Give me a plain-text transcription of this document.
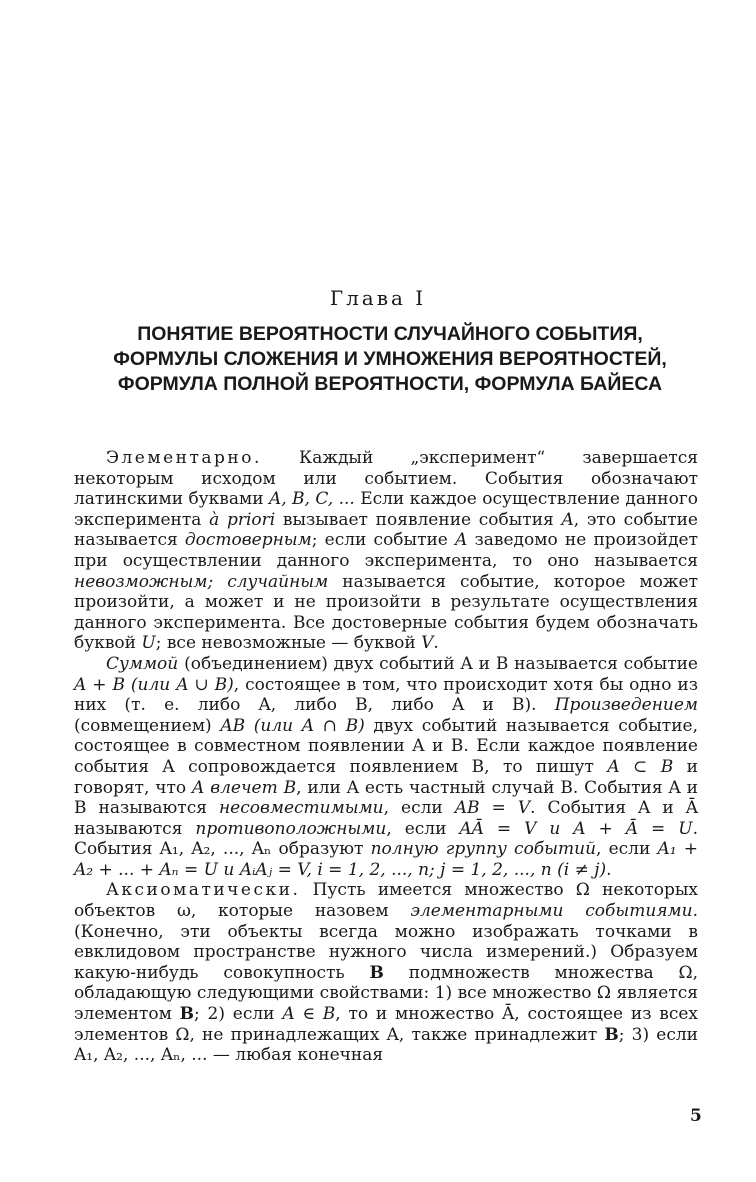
Глава I
ПОНЯТИЕ ВЕРОЯТНОСТИ СЛУЧАЙНОГО СОБЫТИЯ,
ФОРМУЛЫ СЛОЖЕНИЯ И УМНОЖЕНИЯ ВЕРОЯТНОСТЕЙ,
ФОРМУЛА ПОЛНОЙ ВЕРОЯТНОСТИ, ФОРМУЛА БАЙЕСА

Элементарно. Каждый „эксперимент“ завершается некоторым исходом или событием. События обозначают латинскими буквами A, B, C, ... Если каждое осуществление данного эксперимента à priori вызывает появление события A, это событие называется достоверным; если событие A заведомо не произойдет при осуществлении данного эксперимента, то оно называется невозможным; случайным называется событие, которое может произойти, а может и не произойти в результате осуществления данного эксперимента. Все достоверные события будем обозначать буквой U; все невозможные — буквой V.

Суммой (объединением) двух событий A и B называется событие A + B (или A ∪ B), состоящее в том, что происходит хотя бы одно из них (т. е. либо A, либо B, либо A и B). Произведением (совмещением) AB (или A ∩ B) двух событий называется событие, состоящее в совместном появлении A и B. Если каждое появление события A сопровождается появлением B, то пишут A ⊂ B и говорят, что A влечет B, или A есть частный случай B. События A и B называются несовместимыми, если AB = V. События A и Ā называются противоположными, если AĀ = V и A + Ā = U. События A₁, A₂, ..., Aₙ образуют полную группу событий, если A₁ + A₂ + ... + Aₙ = U и AᵢAⱼ = V, i = 1, 2, ..., n; j = 1, 2, ..., n (i ≠ j).

Аксиоматически. Пусть имеется множество Ω некоторых объектов ω, которые назовем элементарными событиями. (Конечно, эти объекты всегда можно изображать точками в евклидовом пространстве нужного числа измерений.) Образуем какую-нибудь совокупность B подмножеств множества Ω, обладающую следующими свойствами: 1) все множество Ω является элементом B; 2) если A ∈ B, то и множество Ā, состоящее из всех элементов Ω, не принадлежащих A, также принадлежит B; 3) если A₁, A₂, ..., Aₙ, ... — любая конечная

5
